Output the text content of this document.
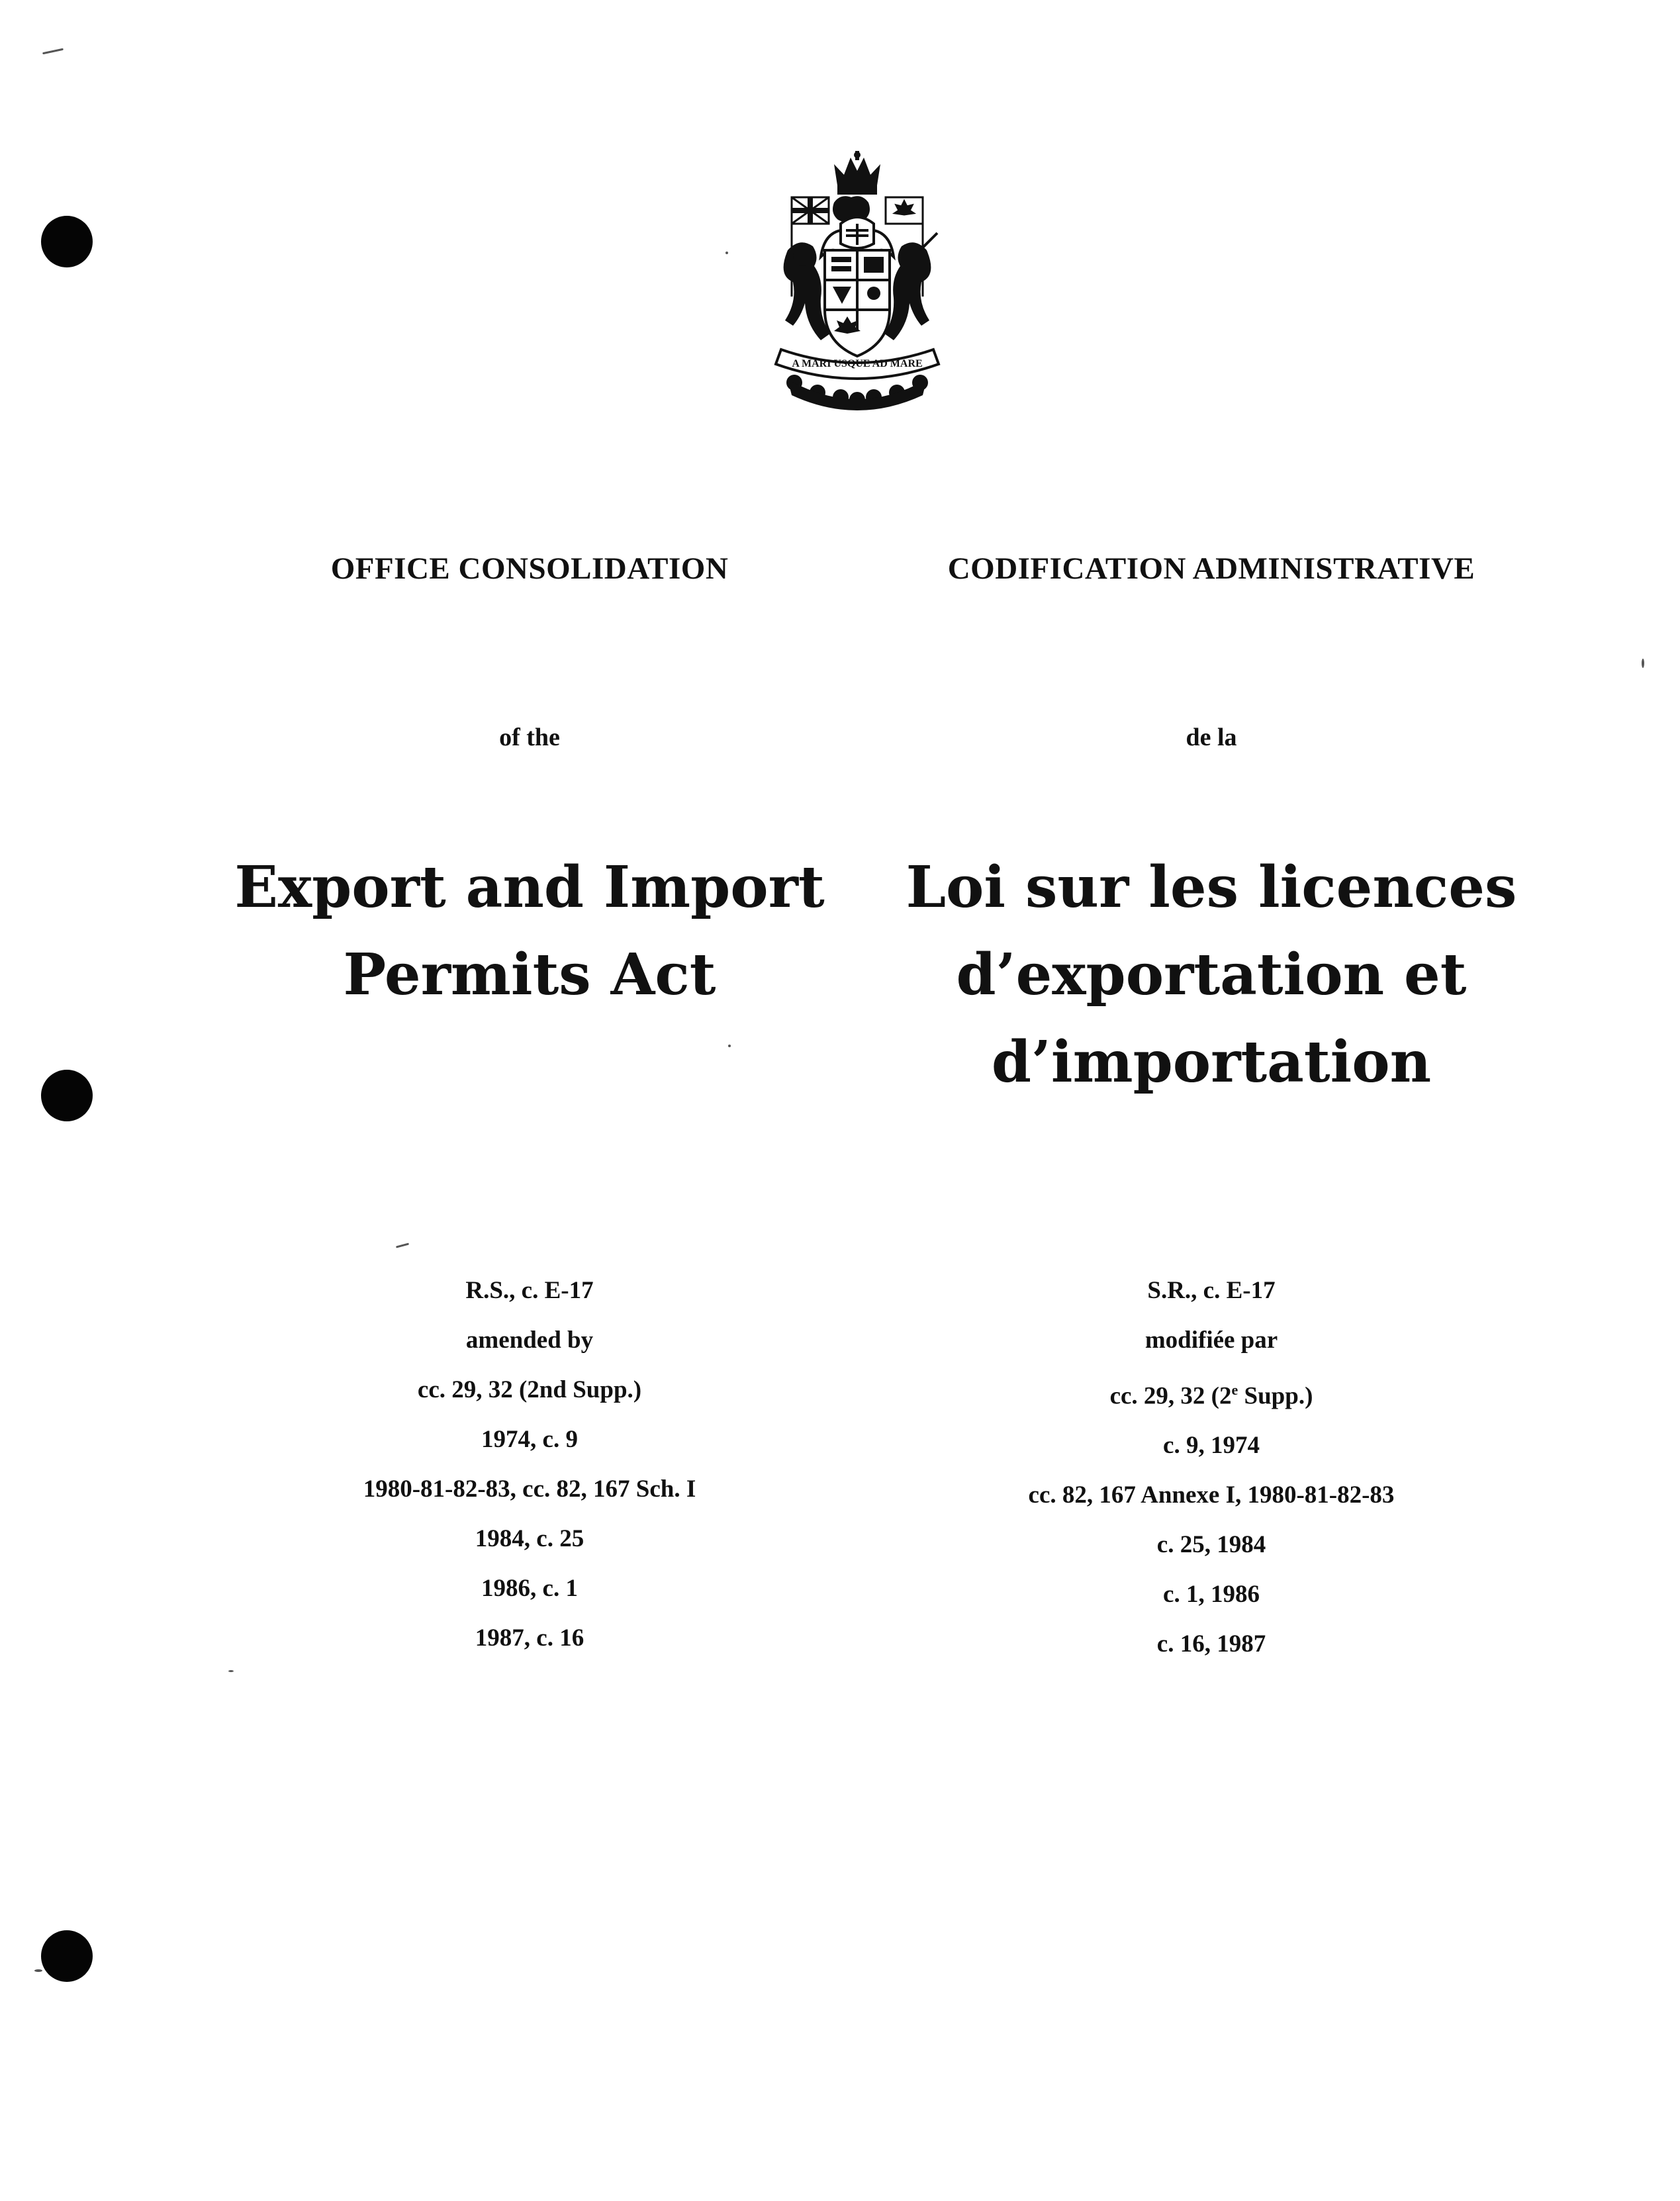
A MARI USQUE AD MARE
OFFICE CONSOLIDATION
of the
Export and Import
Permits Act
R.S., c. E-17
amended by
cc. 29, 32 (2nd Supp.)
1974, c. 9
1980-81-82-83, cc. 82, 167 Sch. I
1984, c. 25
1986, c. 1
1987, c. 16
CODIFICATION ADMINISTRATIVE
de la
Loi sur les licences
d’exportation et
d’importation
S.R., c. E-17
modifiée par
cc. 29, 32 (2e Supp.)
c. 9, 1974
cc. 82, 167 Annexe I, 1980-81-82-83
c. 25, 1984
c. 1, 1986
c. 16, 1987
